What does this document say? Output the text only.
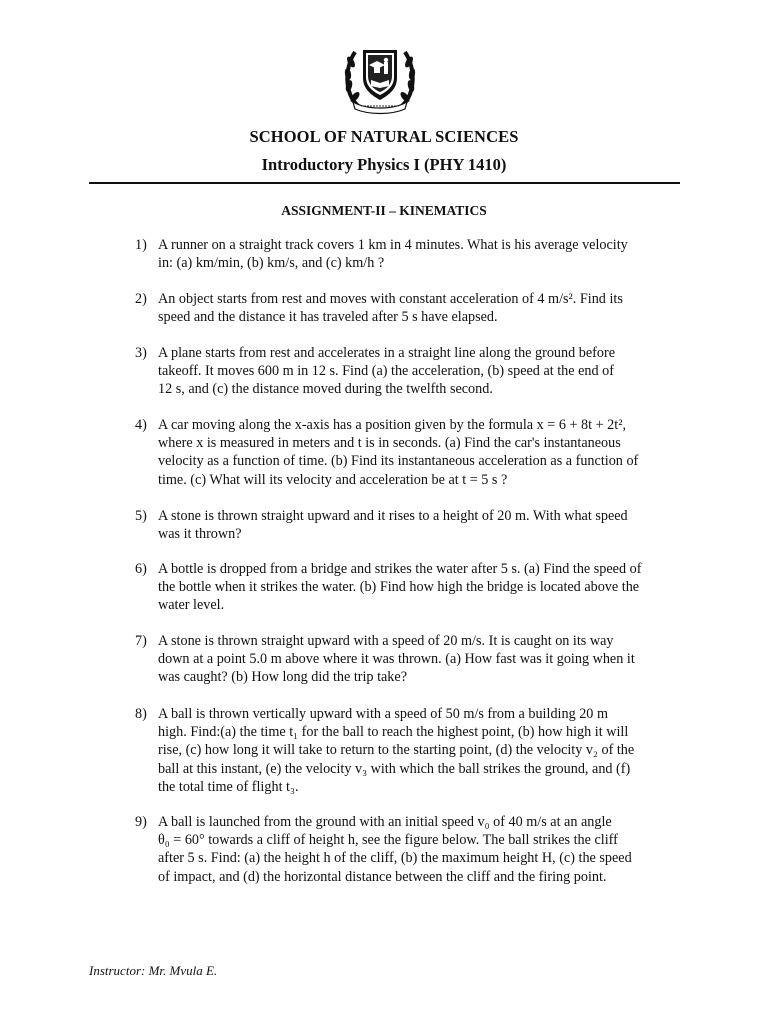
SCHOOL OF NATURAL SCIENCES
Introductory Physics I (PHY 1410)
ASSIGNMENT-II – KINEMATICS
1) A runner on a straight track covers 1 km in 4 minutes. What is his average velocity
in: (a) km/min, (b) km/s, and (c) km/h ?
2) An object starts from rest and moves with constant acceleration of 4 m/s². Find its
speed and the distance it has traveled after 5 s have elapsed.
3) A plane starts from rest and accelerates in a straight line along the ground before
takeoff. It moves 600 m in 12 s. Find (a) the acceleration, (b) speed at the end of
12 s, and (c) the distance moved during the twelfth second.
4) A car moving along the x-axis has a position given by the formula x = 6 + 8t + 2t²,
where x is measured in meters and t is in seconds. (a) Find the car's instantaneous
velocity as a function of time. (b) Find its instantaneous acceleration as a function of
time. (c) What will its velocity and acceleration be at t = 5 s ?
5) A stone is thrown straight upward and it rises to a height of 20 m. With what speed
was it thrown?
6) A bottle is dropped from a bridge and strikes the water after 5 s. (a) Find the speed of
the bottle when it strikes the water. (b) Find how high the bridge is located above the
water level.
7) A stone is thrown straight upward with a speed of 20 m/s. It is caught on its way
down at a point 5.0 m above where it was thrown. (a) How fast was it going when it
was caught? (b) How long did the trip take?
8) A ball is thrown vertically upward with a speed of 50 m/s from a building 20 m
high. Find:(a) the time t₁ for the ball to reach the highest point, (b) how high it will
rise, (c) how long it will take to return to the starting point, (d) the velocity v₂ of the
ball at this instant, (e) the velocity v₃ with which the ball strikes the ground, and (f)
the total time of flight t₃.
9) A ball is launched from the ground with an initial speed v₀ of 40 m/s at an angle
θ₀ = 60° towards a cliff of height h, see the figure below. The ball strikes the cliff
after 5 s. Find: (a) the height h of the cliff, (b) the maximum height H, (c) the speed
of impact, and (d) the horizontal distance between the cliff and the firing point.
Instructor: Mr. Mvula E.
